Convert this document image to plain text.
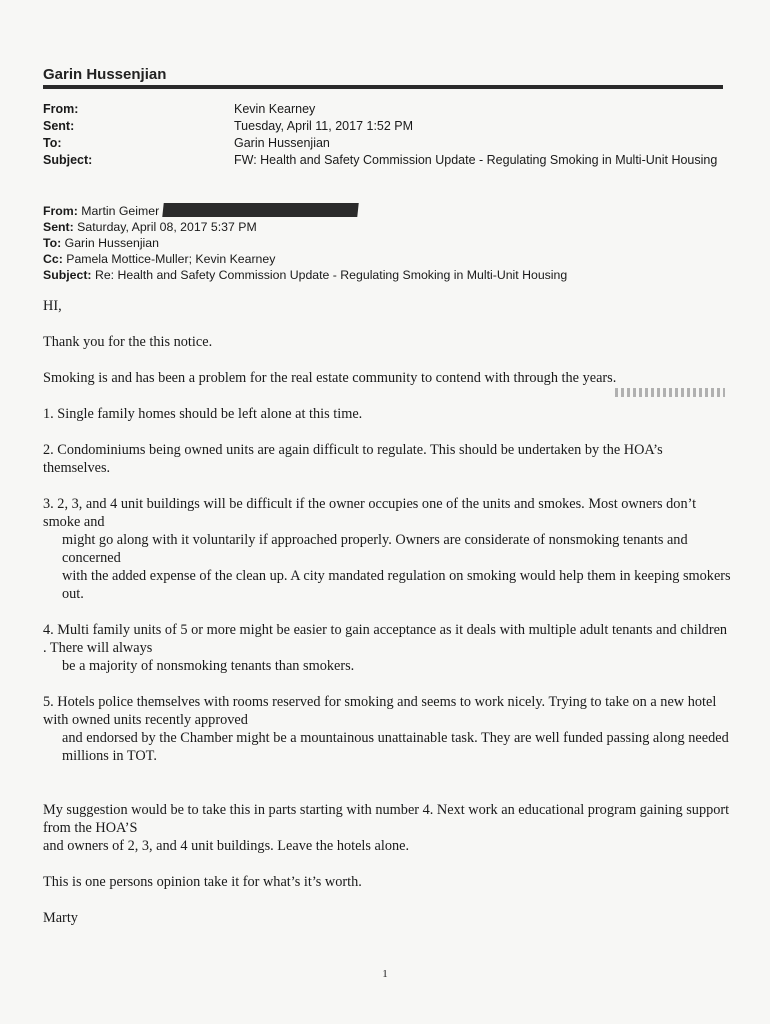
Garin Hussenjian
From:	Kevin Kearney
Sent:	Tuesday, April 11, 2017 1:52 PM
To:	Garin Hussenjian
Subject:	FW: Health and Safety Commission Update - Regulating Smoking in Multi-Unit Housing
From: Martin Geimer
Sent: Saturday, April 08, 2017 5:37 PM
To: Garin Hussenjian
Cc: Pamela Mottice-Muller; Kevin Kearney
Subject: Re: Health and Safety Commission Update - Regulating Smoking in Multi-Unit Housing

HI,

Thank you for the this notice.

Smoking is and has been a problem for the real estate community to contend with through the years.

1. Single family homes should be left alone at this time.

2. Condominiums being owned units are again difficult to regulate. This should be undertaken by the HOA’s themselves.

3. 2, 3, and 4 unit buildings will be difficult if the owner occupies one of the units and smokes. Most owners don’t smoke and

might go along with it voluntarily if approached properly. Owners are considerate of nonsmoking tenants and concerned

with the added expense of the clean up. A city mandated regulation on smoking would help them in keeping smokers out.

4. Multi family units of 5 or more might be easier to gain acceptance as it deals with multiple adult tenants and children . There will always

be a majority of nonsmoking tenants than smokers.

5. Hotels police themselves with rooms reserved for smoking and seems to work nicely. Trying to take on a new hotel with owned units recently approved

and endorsed by the Chamber might be a mountainous unattainable task. They are well funded passing along needed millions in TOT.

My suggestion would be to take this in parts starting with number 4. Next work an educational program gaining support from the HOA’S

and owners of 2, 3, and 4 unit buildings. Leave the hotels alone.

This is one persons opinion take it for what’s it’s worth.

Marty

1
